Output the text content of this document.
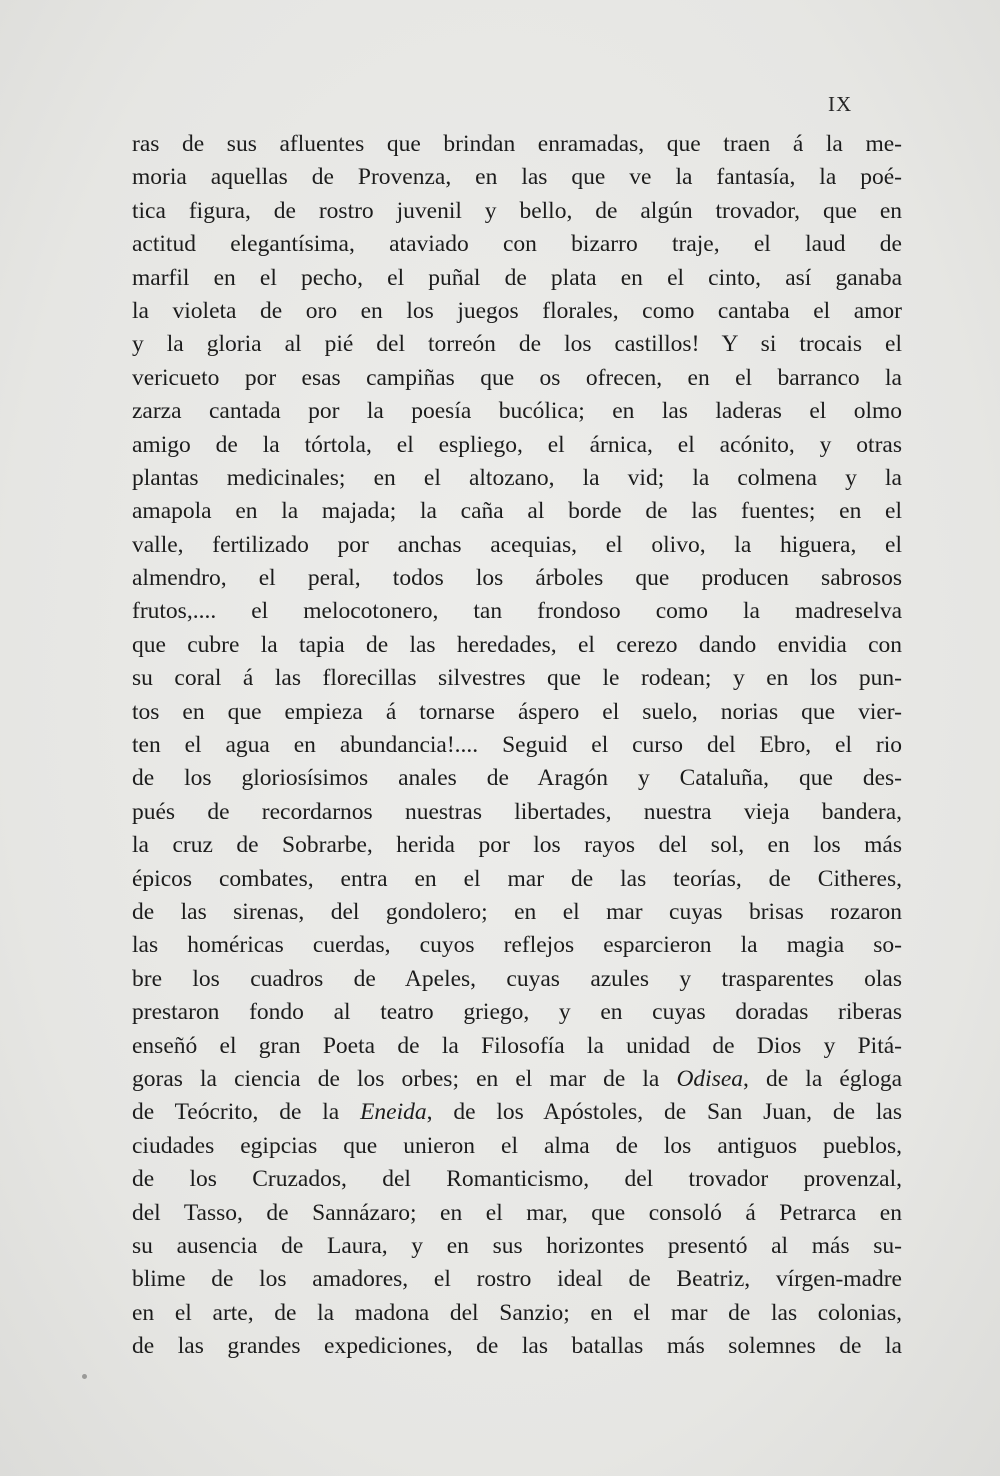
IX
ras de sus afluentes que brindan enramadas, que traen á la me-
moria aquellas de Provenza, en las que ve la fantasía, la poé-
tica figura, de rostro juvenil y bello, de algún trovador, que en
actitud elegantísima, ataviado con bizarro traje, el laud de
marfil en el pecho, el puñal de plata en el cinto, así ganaba
la violeta de oro en los juegos florales, como cantaba el amor
y la gloria al pié del torreón de los castillos! Y si trocais el
vericueto por esas campiñas que os ofrecen, en el barranco la
zarza cantada por la poesía bucólica; en las laderas el olmo
amigo de la tórtola, el espliego, el árnica, el acónito, y otras
plantas medicinales; en el altozano, la vid; la colmena y la
amapola en la majada; la caña al borde de las fuentes; en el
valle, fertilizado por anchas acequias, el olivo, la higuera, el
almendro, el peral, todos los árboles que producen sabrosos
frutos,.... el melocotonero, tan frondoso como la madreselva
que cubre la tapia de las heredades, el cerezo dando envidia con
su coral á las florecillas silvestres que le rodean; y en los pun-
tos en que empieza á tornarse áspero el suelo, norias que vier-
ten el agua en abundancia!.... Seguid el curso del Ebro, el rio
de los gloriosísimos anales de Aragón y Cataluña, que des-
pués de recordarnos nuestras libertades, nuestra vieja bandera,
la cruz de Sobrarbe, herida por los rayos del sol, en los más
épicos combates, entra en el mar de las teorías, de Citheres,
de las sirenas, del gondolero; en el mar cuyas brisas rozaron
las homéricas cuerdas, cuyos reflejos esparcieron la magia so-
bre los cuadros de Apeles, cuyas azules y trasparentes olas
prestaron fondo al teatro griego, y en cuyas doradas riberas
enseñó el gran Poeta de la Filosofía la unidad de Dios y Pitá-
goras la ciencia de los orbes; en el mar de la Odisea, de la égloga
de Teócrito, de la Eneida, de los Apóstoles, de San Juan, de las
ciudades egipcias que unieron el alma de los antiguos pueblos,
de los Cruzados, del Romanticismo, del trovador provenzal,
del Tasso, de Sannázaro; en el mar, que consoló á Petrarca en
su ausencia de Laura, y en sus horizontes presentó al más su-
blime de los amadores, el rostro ideal de Beatriz, vírgen-madre
en el arte, de la madona del Sanzio; en el mar de las colonias,
de las grandes expediciones, de las batallas más solemnes de la
